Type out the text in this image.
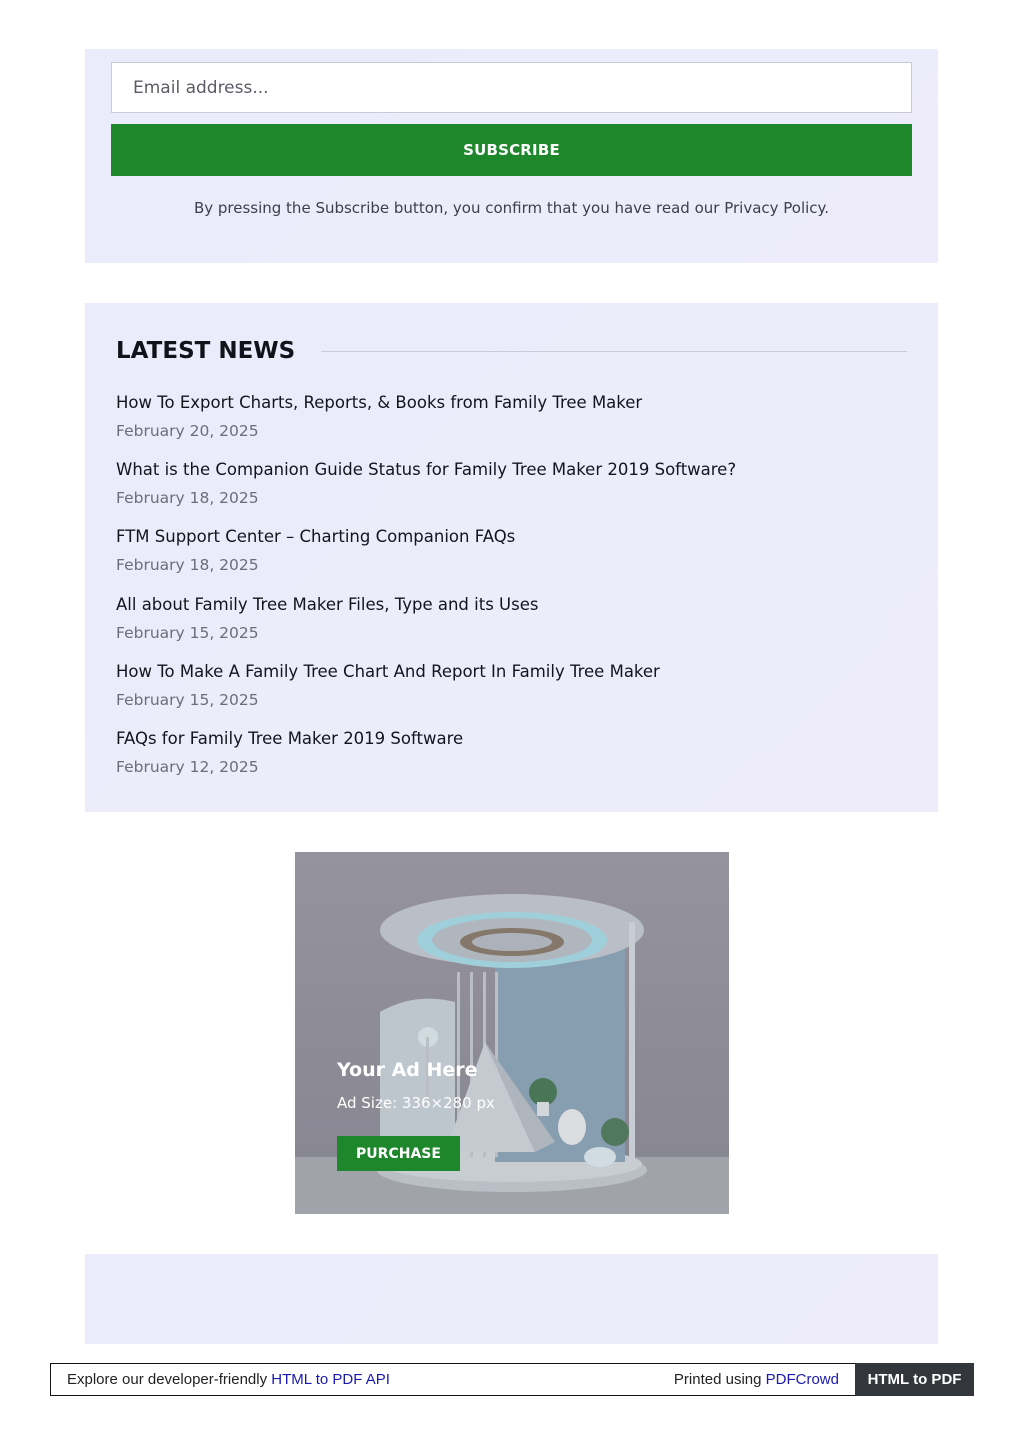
Email address...
SUBSCRIBE
By pressing the Subscribe button, you confirm that you have read our Privacy Policy.
LATEST NEWS
How To Export Charts, Reports, & Books from Family Tree Maker
February 20, 2025
What is the Companion Guide Status for Family Tree Maker 2019 Software?
February 18, 2025
FTM Support Center – Charting Companion FAQs
February 18, 2025
All about Family Tree Maker Files, Type and its Uses
February 15, 2025
How To Make A Family Tree Chart And Report In Family Tree Maker
February 15, 2025
FAQs for Family Tree Maker 2019 Software
February 12, 2025
Your Ad Here
Ad Size: 336×280 px
PURCHASE
Explore our developer-friendly HTML to PDF API	Printed using PDFCrowd	HTML to PDF
